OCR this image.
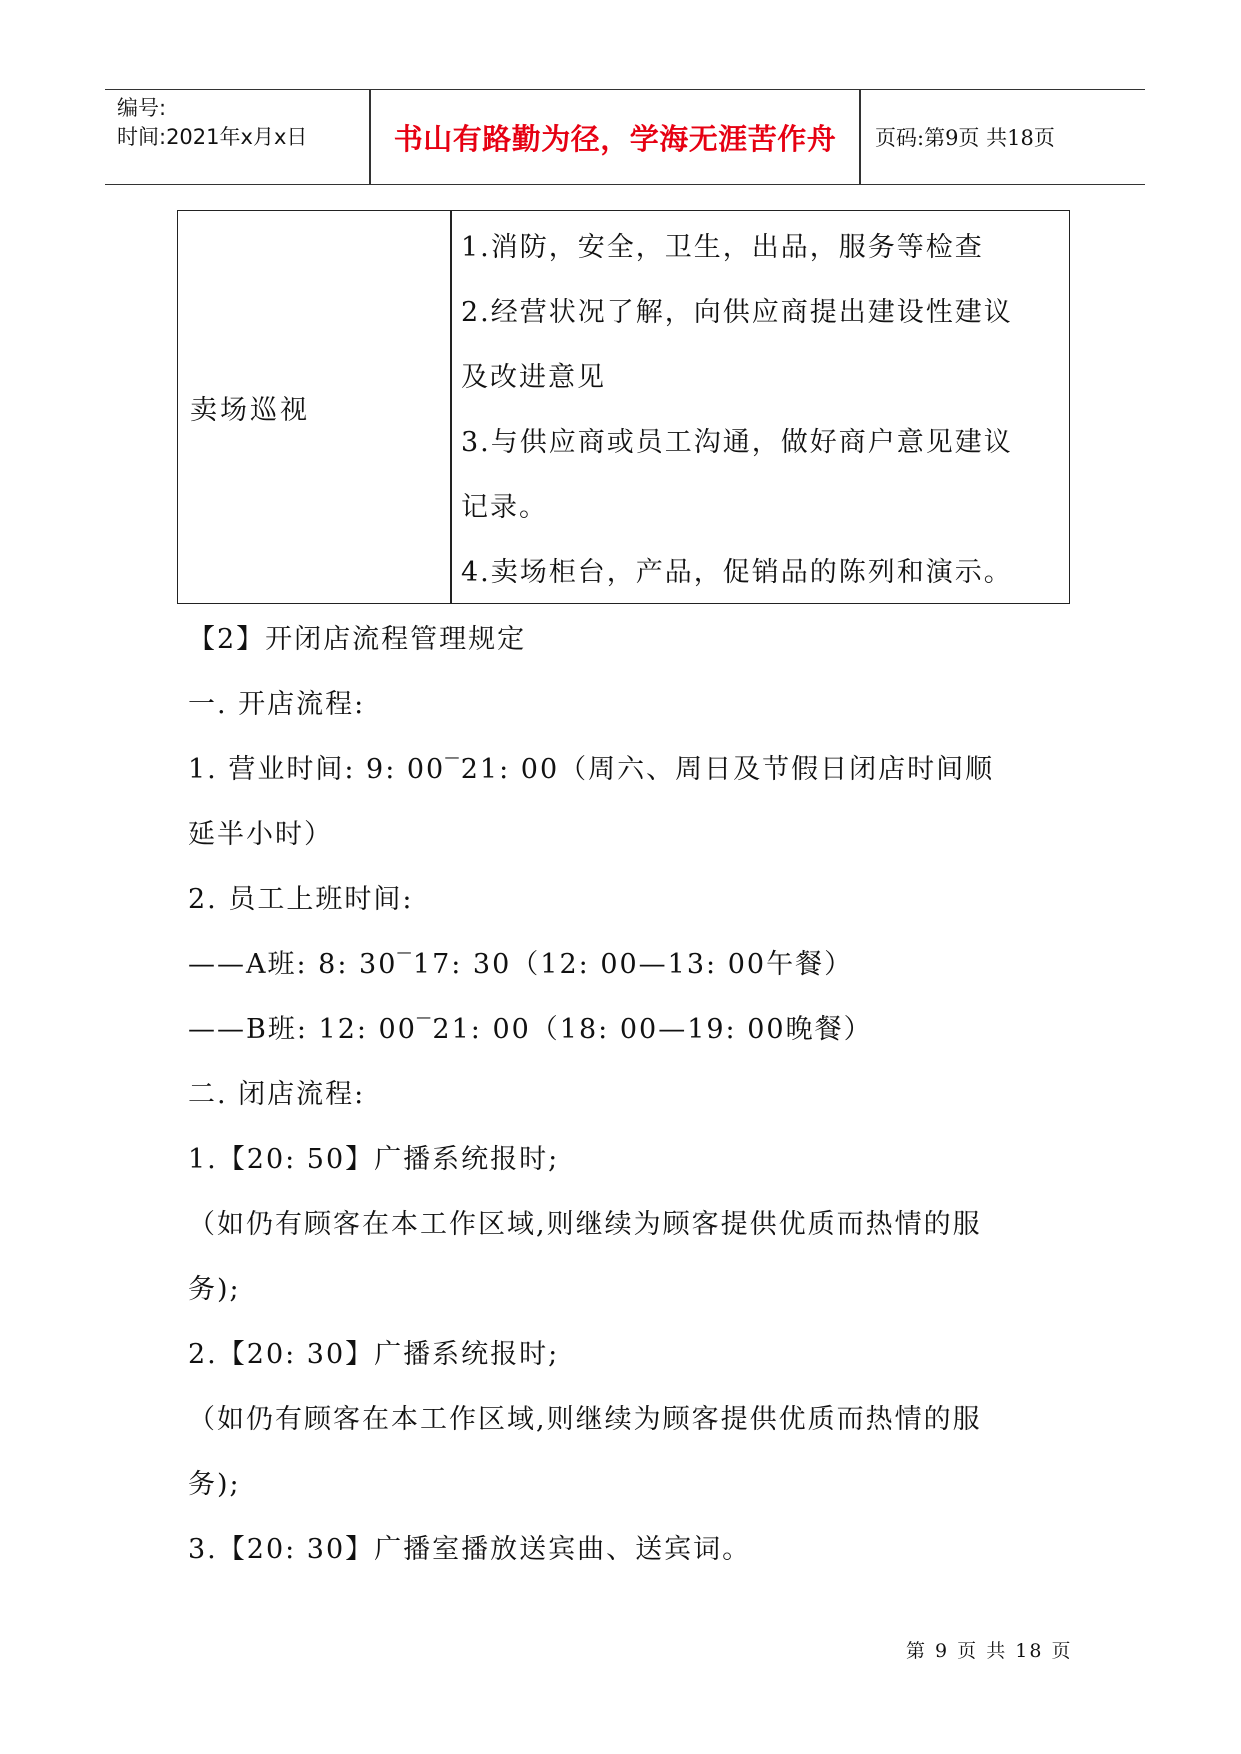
编号:
时间:2021年x月x日	书山有路勤为径，学海无涯苦作舟	页码:第9页 共18页
卖场巡视
1.消防，安全，卫生，出品，服务等检查
2.经营状况了解，向供应商提出建设性建议
及改进意见
3.与供应商或员工沟通，做好商户意见建议
记录。
4.卖场柜台，产品，促销品的陈列和演示。

【2】开闭店流程管理规定

一. 开店流程:

1. 营业时间: 9: 00‾21: 00（周六、周日及节假日闭店时间顺

延半小时）

2. 员工上班时间:

——A班: 8: 30‾17: 30（12: 00—13: 00午餐）

——B班: 12: 00‾21: 00（18: 00—19: 00晚餐）

二. 闭店流程:

1.【20: 50】广播系统报时;

（如仍有顾客在本工作区域,则继续为顾客提供优质而热情的服

务);

2.【20: 30】广播系统报时;

（如仍有顾客在本工作区域,则继续为顾客提供优质而热情的服

务);

3.【20: 30】广播室播放送宾曲、送宾词。

第 9 页 共 18 页
